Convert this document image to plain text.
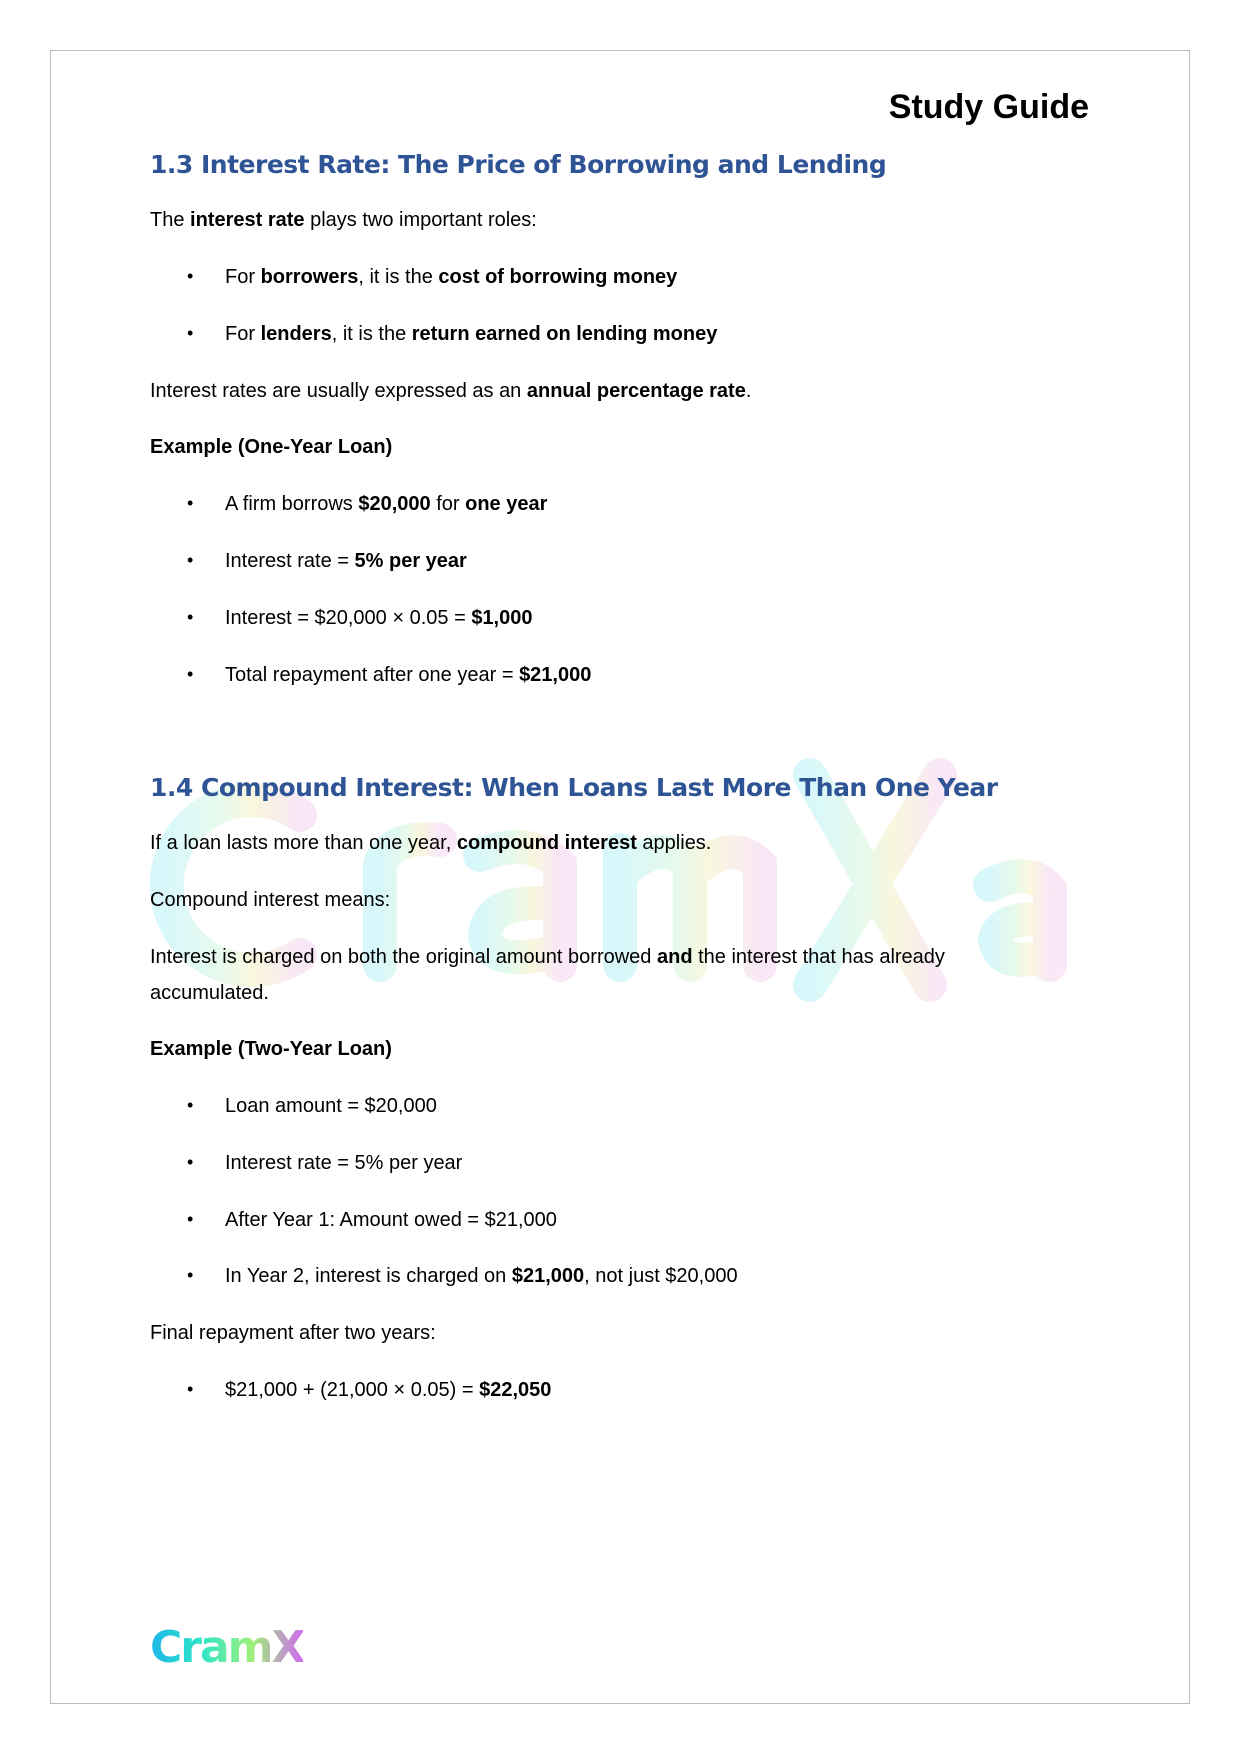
Study Guide
1.3 Interest Rate: The Price of Borrowing and Lending
The interest rate plays two important roles:
• For borrowers, it is the cost of borrowing money
• For lenders, it is the return earned on lending money
Interest rates are usually expressed as an annual percentage rate.
Example (One-Year Loan)
• A firm borrows $20,000 for one year
• Interest rate = 5% per year
• Interest = $20,000 × 0.05 = $1,000
• Total repayment after one year = $21,000
1.4 Compound Interest: When Loans Last More Than One Year
If a loan lasts more than one year, compound interest applies.
Compound interest means:
Interest is charged on both the original amount borrowed and the interest that has already
accumulated.
Example (Two-Year Loan)
• Loan amount = $20,000
• Interest rate = 5% per year
• After Year 1: Amount owed = $21,000
• In Year 2, interest is charged on $21,000, not just $20,000
Final repayment after two years:
• $21,000 + (21,000 × 0.05) = $22,050
CramX
